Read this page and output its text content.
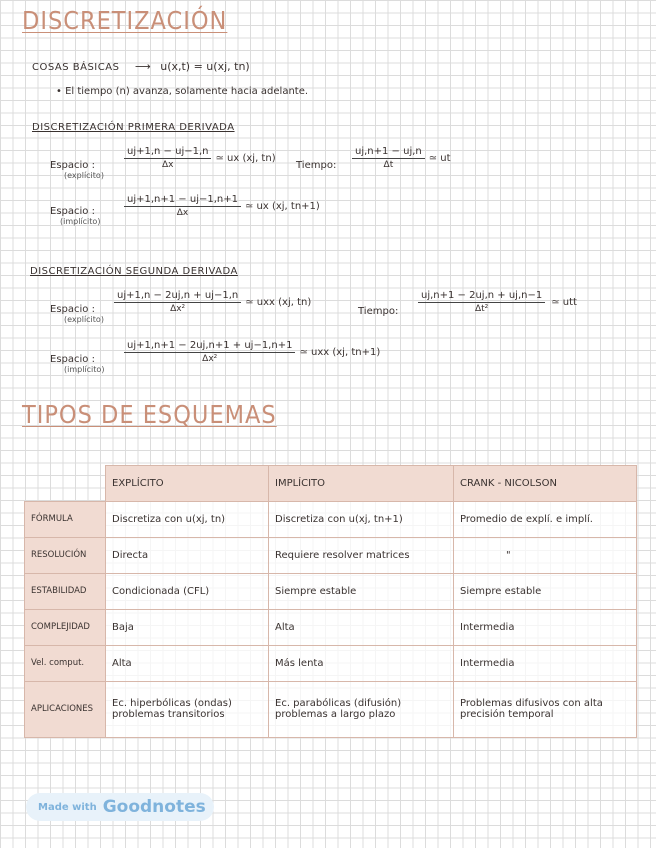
DISCRETIZACIÓN
COSAS BÁSICAS ⟶ u(x,t) = u(xj, tn)
• El tiempo (n) avanza, solamente hacia adelante.
DISCRETIZACIÓN PRIMERA DERIVADA
Espacio :
(explícito)
$\frac{uj+1,n - uj-1,n}{\Delta x}$ ≃ ux (xj, tn)
Tiempo: $\frac{uj,n+1 - uj,n}{\Delta t}$ ≃ ut
Espacio :
(implícito)
$\frac{uj+1,n+1 - uj-1,n+1}{\Delta x}$ ≃ ux (xj, tn+1)
DISCRETIZACIÓN SEGUNDA DERIVADA
Espacio :
(explícito)
$\frac{uj+1,n - 2uj,n + uj-1,n}{\text{Δx²}}$ ≃ uxx (xj, tn)
Tiempo: $\frac{uj,n+1 - 2uj,n + uj,n-1}{\text{Δt²}}$ ≃ utt
Espacio :
(implícito)
$\frac{uj+1,n+1 - 2uj,n+1 + uj-1,n+1}{\text{Δx²}}$ ≃ uxx (xj, tn+1)
TIPOS DE ESQUEMAS
	EXPLÍCITO	IMPLÍCITO	CRANK - NICOLSON
FÓRMULA	Discretiza con u(xj, tn)	Discretiza con u(xj, tn+1)	Promedio de explí. e implí.
RESOLUCIÓN	Directa	Requiere resolver matrices	"
ESTABILIDAD	Condicionada (CFL)	Siempre estable	Siempre estable
COMPLEJIDAD	Baja	Alta	Intermedia
Vel. comput.	Alta	Más lenta	Intermedia
APLICACIONES	Ec. hiperbólicas (ondas) problemas transitorios	Ec. parabólicas (difusión) problemas a largo plazo	Problemas difusivos con alta precisión temporal
Made with Goodnotes
